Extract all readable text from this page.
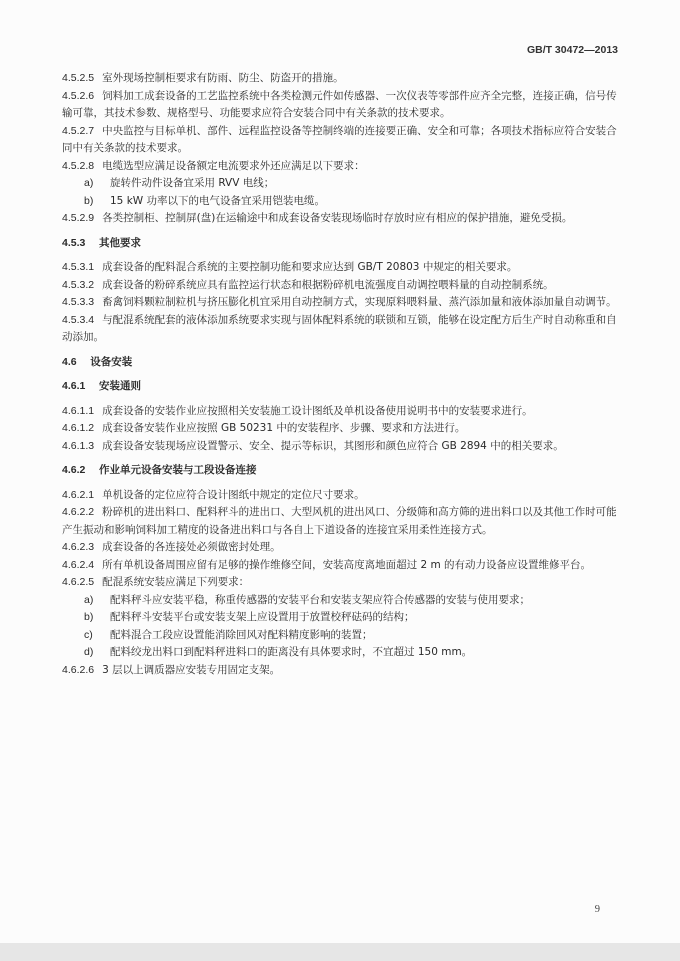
GB/T 30472—2013

4.5.2.5 室外现场控制柜要求有防雨、防尘、防盗开的措施。

4.5.2.6 饲料加工成套设备的工艺监控系统中各类检测元件如传感器、一次仪表等零部件应齐全完整，连接正确，信号传输可靠，其技术参数、规格型号、功能要求应符合安装合同中有关条款的技术要求。

4.5.2.7 中央监控与目标单机、部件、远程监控设备等控制终端的连接要正确、安全和可靠；各项技术指标应符合安装合同中有关条款的技术要求。

4.5.2.8 电缆选型应满足设备额定电流要求外还应满足以下要求：

a) 旋转件动件设备宜采用 RVV 电线；

b) 15 kW 功率以下的电气设备宜采用铠装电缆。

4.5.2.9 各类控制柜、控制屏(盘)在运输途中和成套设备安装现场临时存放时应有相应的保护措施，避免受损。

4.5.3 其他要求

4.5.3.1 成套设备的配料混合系统的主要控制功能和要求应达到 GB/T 20803 中规定的相关要求。

4.5.3.2 成套设备的粉碎系统应具有监控运行状态和根据粉碎机电流强度自动调控喂料量的自动控制系统。

4.5.3.3 畜禽饲料颗粒制粒机与挤压膨化机宜采用自动控制方式，实现原料喂料量、蒸汽添加量和液体添加量自动调节。

4.5.3.4 与配混系统配套的液体添加系统要求实现与固体配料系统的联锁和互锁，能够在设定配方后生产时自动称重和自动添加。

4.6 设备安装
4.6.1 安装通则

4.6.1.1 成套设备的安装作业应按照相关安装施工设计图纸及单机设备使用说明书中的安装要求进行。

4.6.1.2 成套设备安装作业应按照 GB 50231 中的安装程序、步骤、要求和方法进行。

4.6.1.3 成套设备安装现场应设置警示、安全、提示等标识，其图形和颜色应符合 GB 2894 中的相关要求。

4.6.2 作业单元设备安装与工段设备连接

4.6.2.1 单机设备的定位应符合设计图纸中规定的定位尺寸要求。

4.6.2.2 粉碎机的进出料口、配料秤斗的进出口、大型风机的进出风口、分级筛和高方筛的进出料口以及其他工作时可能产生振动和影响饲料加工精度的设备进出料口与各自上下道设备的连接宜采用柔性连接方式。

4.6.2.3 成套设备的各连接处必须做密封处理。

4.6.2.4 所有单机设备周围应留有足够的操作维修空间，安装高度离地面超过 2 m 的有动力设备应设置维修平台。

4.6.2.5 配混系统安装应满足下列要求：

a) 配料秤斗应安装平稳，称重传感器的安装平台和安装支架应符合传感器的安装与使用要求；

b) 配料秤斗安装平台或安装支架上应设置用于放置校秤砝码的结构；

c) 配料混合工段应设置能消除回风对配料精度影响的装置；

d) 配料绞龙出料口到配料秤进料口的距离没有具体要求时，不宜超过 150 mm。

4.6.2.6 3 层以上调质器应安装专用固定支架。

9
